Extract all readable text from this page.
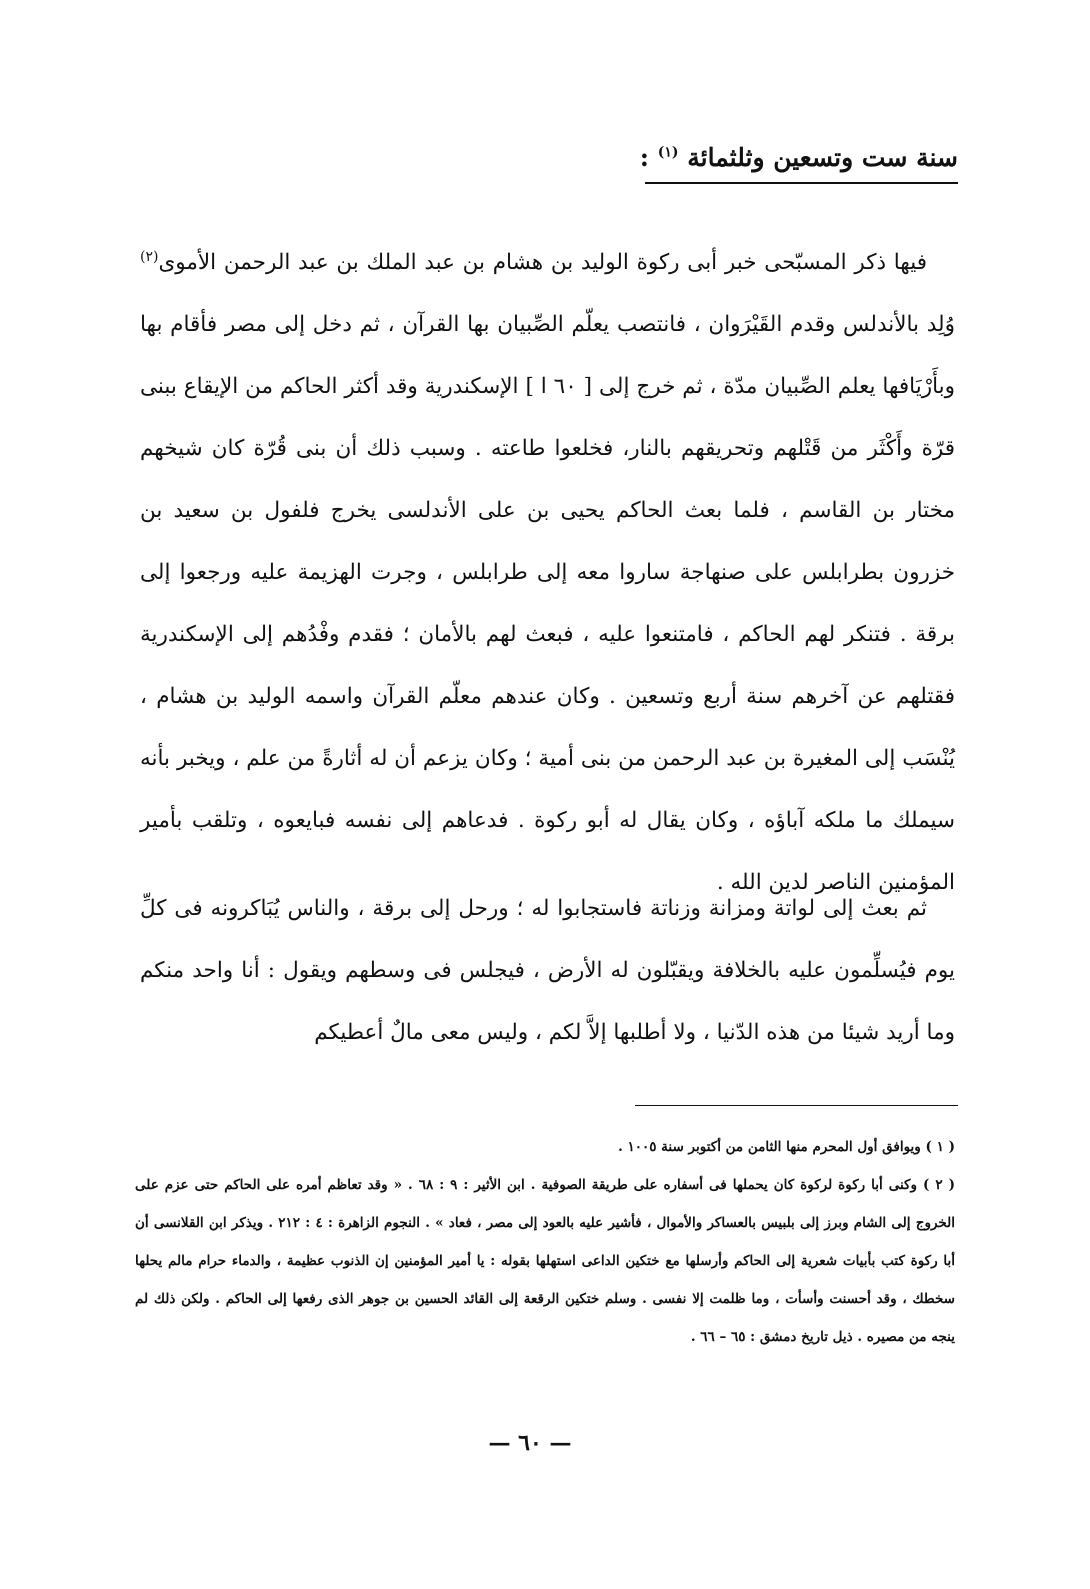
سنة ست وتسعين وثلثمائة $^{(١)}$ :
فيها ذكر المسبّحى خبر أبى ركوة الوليد بن هشام بن عبد الملك بن عبد الرحمن الأموى$^{(٢)}$ وُلِد بالأندلس وقدم القَيْرَوان ، فانتصب يعلّم الصِّبيان بها القرآن ، ثم دخل إلى مصر فأقام بها وبأَرْيَافها يعلم الصِّبيان مدّة ، ثم خرج إلى [ ٦٠ ا ] الإسكندرية وقد أكثر الحاكم من الإيقاع ببنى قرّة وأَكْثَر من قَتْلهم وتحريقهم بالنار، فخلعوا طاعته . وسبب ذلك أن بنى قُرّة كان شيخهم مختار بن القاسم ، فلما بعث الحاكم يحيى بن على الأندلسى يخرج فلفول بن سعيد بن خزرون بطرابلس على صنهاجة ساروا معه إلى طرابلس ، وجرت الهزيمة عليه ورجعوا إلى برقة . فتنكر لهم الحاكم ، فامتنعوا عليه ، فبعث لهم بالأمان ؛ فقدم وفْدُهم إلى الإسكندرية فقتلهم عن آخرهم سنة أربع وتسعين . وكان عندهم معلّم القرآن واسمه الوليد بن هشام ، يُنْسَب إلى المغيرة بن عبد الرحمن من بنى أمية ؛ وكان يزعم أن له أثارةً من علم ، ويخبر بأنه سيملك ما ملكه آباؤه ، وكان يقال له أبو ركوة . فدعاهم إلى نفسه فبايعوه ، وتلقب بأمير المؤمنين الناصر لدين الله .
ثم بعث إلى لواتة ومزانة وزناتة فاستجابوا له ؛ ورحل إلى برقة ، والناس يُبَاكرونه فى كلِّ يوم فيُسلِّمون عليه بالخلافة ويقبّلون له الأرض ، فيجلس فى وسطهم ويقول : أنا واحد منكم وما أريد شيئا من هذه الدّنيا ، ولا أطلبها إلاَّ لكم ، وليس معى مالٌ أعطيكم

( ١ ) ويوافق أول المحرم منها الثامن من أكتوبر سنة ١٠٠٥ .

( ٢ ) وكنى أبا ركوة لركوة كان يحملها فى أسفاره على طريقة الصوفية . ابن الأثير : ٩ : ٦٨ . « وقد تعاظم أمره على الحاكم حتى عزم على الخروج إلى الشام وبرز إلى بلبيس بالعساكر والأموال ، فأشير عليه بالعود إلى مصر ، فعاد » . النجوم الزاهرة : ٤ : ٢١٢ . ويذكر ابن القلانسى أن أبا ركوة كتب بأبيات شعرية إلى الحاكم وأرسلها مع ختكين الداعى استهلها بقوله : يا أمير المؤمنين إن الذنوب عظيمة ، والدماء حرام مالم يحلها سخطك ، وقد أحسنت وأسأت ، وما ظلمت إلا نفسى . وسلم ختكين الرقعة إلى القائد الحسين بن جوهر الذى رفعها إلى الحاكم . ولكن ذلك لم ينجه من مصيره . ذيل تاريخ دمشق : ٦٥ – ٦٦ .

— ٦٠ —
